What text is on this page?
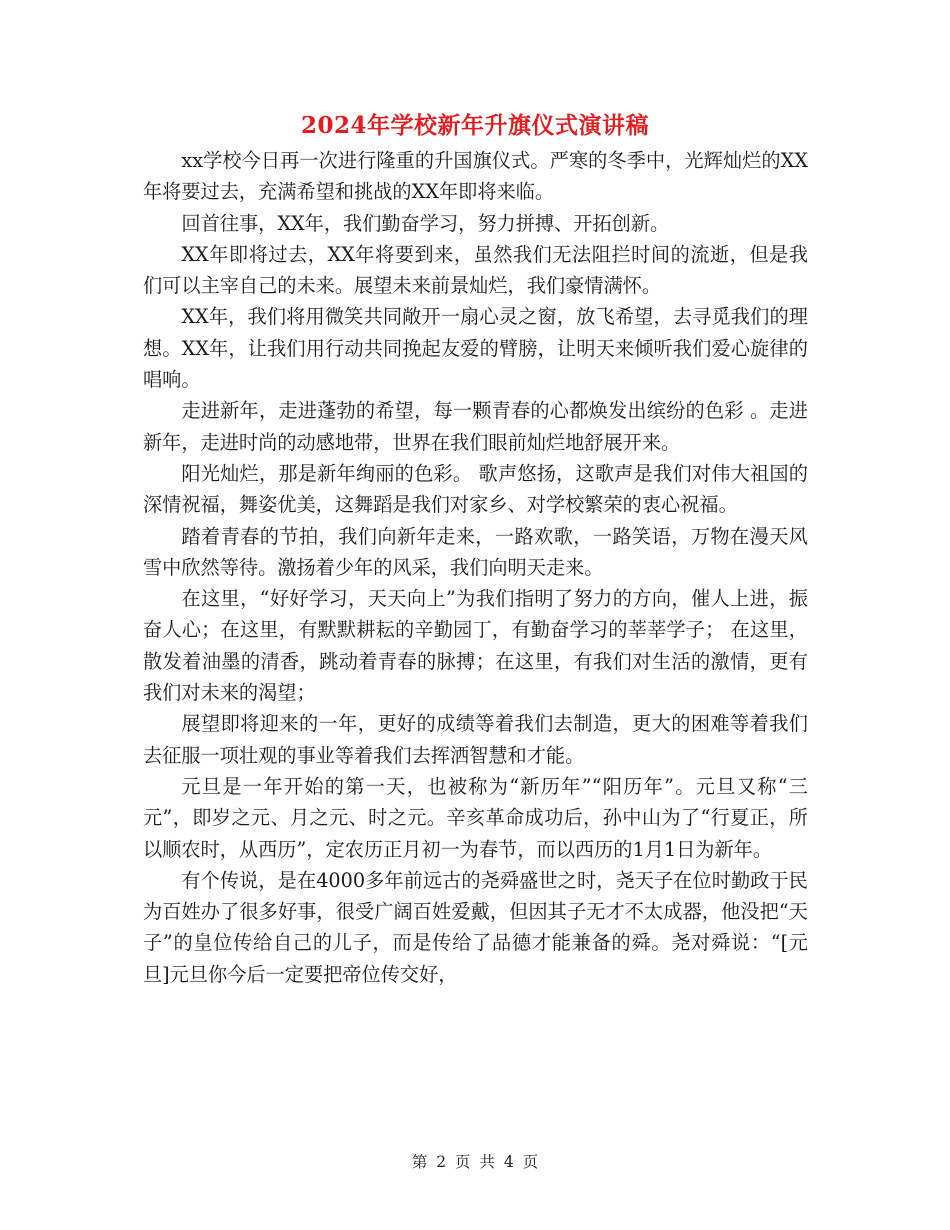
2024年学校新年升旗仪式演讲稿

xx学校今日再一次进行隆重的升国旗仪式。严寒的冬季中，光辉灿烂的XX年将要过去，充满希望和挑战的XX年即将来临。

回首往事，XX年，我们勤奋学习，努力拼搏、开拓创新。

XX年即将过去，XX年将要到来，虽然我们无法阻拦时间的流逝，但是我们可以主宰自己的未来。展望未来前景灿烂，我们豪情满怀。

XX年，我们将用微笑共同敞开一扇心灵之窗，放飞希望，去寻觅我们的理想。XX年，让我们用行动共同挽起友爱的臂膀，让明天来倾听我们爱心旋律的唱响。

走进新年，走进蓬勃的希望，每一颗青春的心都焕发出缤纷的色彩 。走进新年，走进时尚的动感地带，世界在我们眼前灿烂地舒展开来。

阳光灿烂，那是新年绚丽的色彩。 歌声悠扬，这歌声是我们对伟大祖国的深情祝福，舞姿优美，这舞蹈是我们对家乡、对学校繁荣的衷心祝福。

踏着青春的节拍，我们向新年走来，一路欢歌，一路笑语，万物在漫天风雪中欣然等待。激扬着少年的风采，我们向明天走来。

在这里，“好好学习，天天向上”为我们指明了努力的方向，催人上进，振奋人心；在这里，有默默耕耘的辛勤园丁，有勤奋学习的莘莘学子； 在这里，散发着油墨的清香，跳动着青春的脉搏；在这里，有我们对生活的激情，更有我们对未来的渴望；

展望即将迎来的一年，更好的成绩等着我们去制造，更大的困难等着我们去征服一项壮观的事业等着我们去挥洒智慧和才能。

元旦是一年开始的第一天，也被称为“新历年”“阳历年”。元旦又称“三元”，即岁之元、月之元、时之元。辛亥革命成功后，孙中山为了“行夏正，所以顺农时，从西历”，定农历正月初一为春节，而以西历的1月1日为新年。

有个传说，是在4000多年前远古的尧舜盛世之时，尧天子在位时勤政于民为百姓办了很多好事，很受广阔百姓爱戴，但因其子无才不太成器，他没把“天子”的皇位传给自己的儿子，而是传给了品德才能兼备的舜。尧对舜说：“[元旦]元旦你今后一定要把帝位传交好，

第 2 页 共 4 页
